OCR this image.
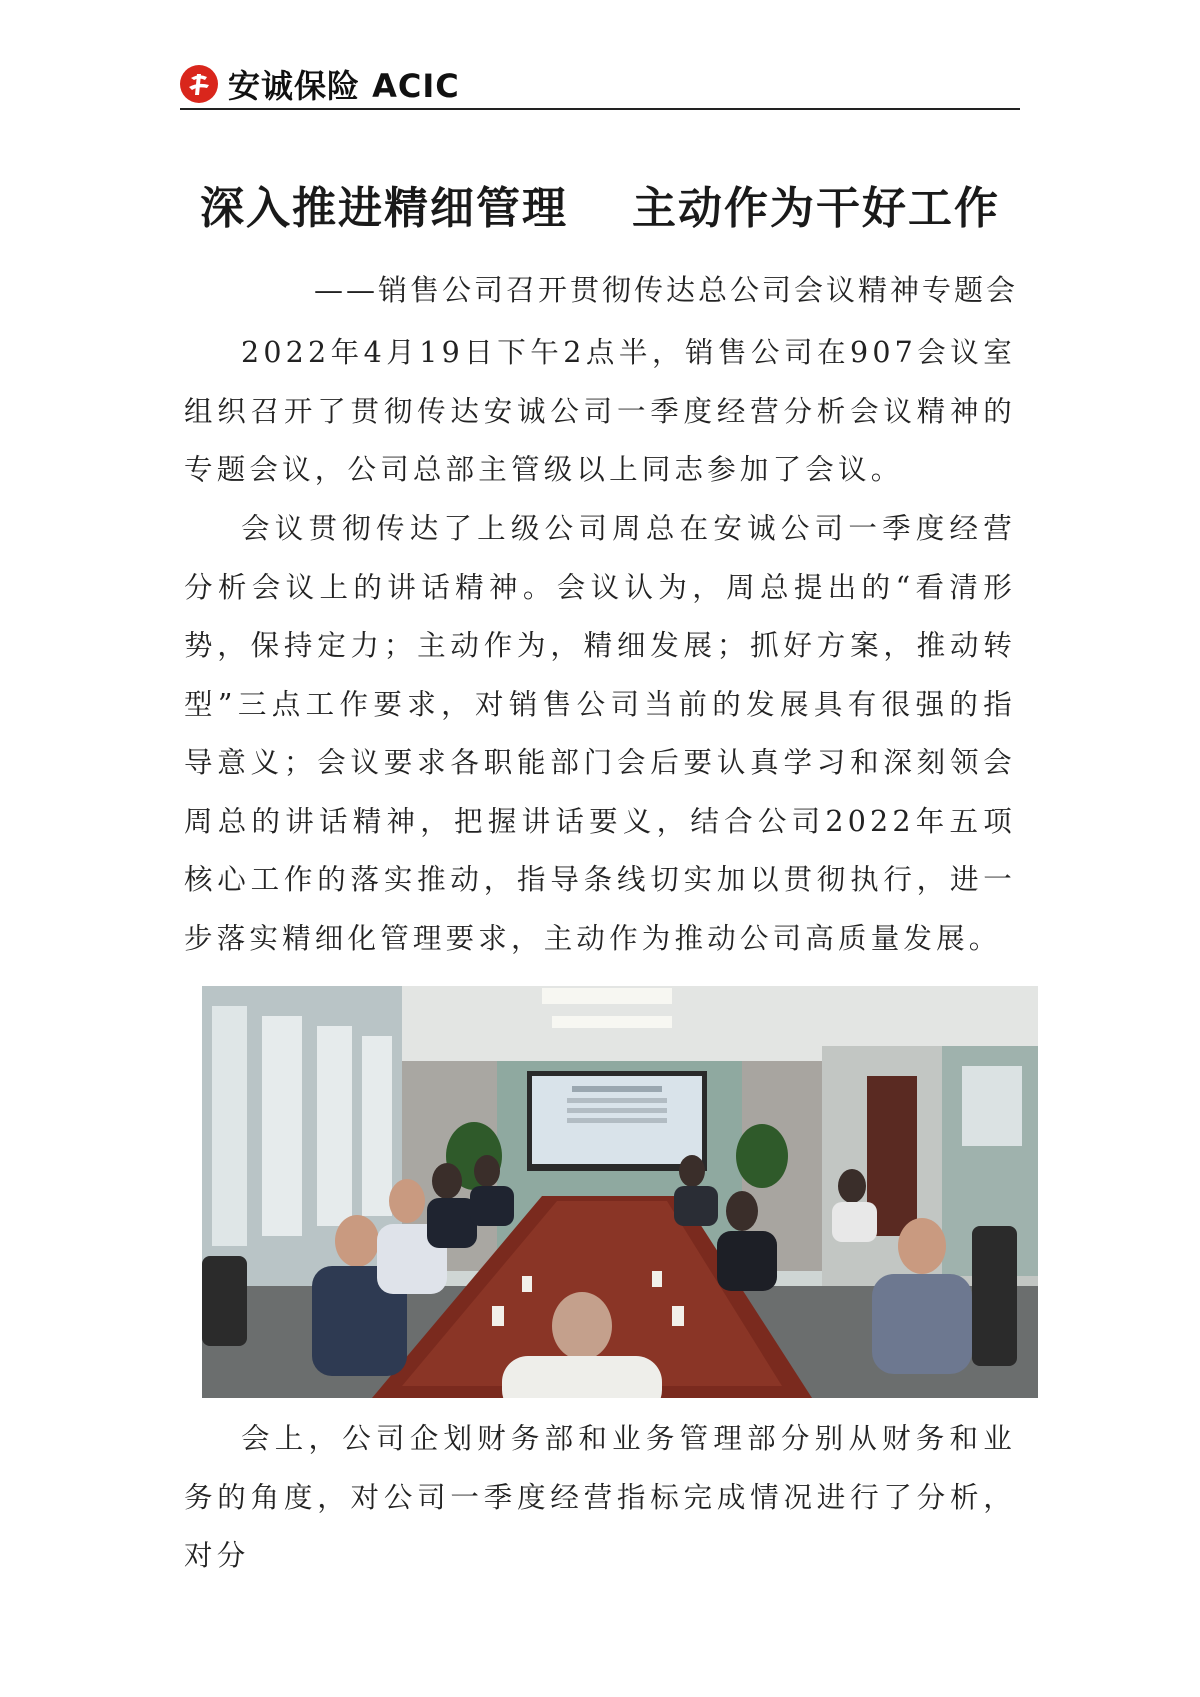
安诚保险 ACIC
深入推进精细管理 主动作为干好工作
——销售公司召开贯彻传达总公司会议精神专题会

2022年4月19日下午2点半，销售公司在907会议室组织召开了贯彻传达安诚公司一季度经营分析会议精神的专题会议，公司总部主管级以上同志参加了会议。

会议贯彻传达了上级公司周总在安诚公司一季度经营分析会议上的讲话精神。会议认为，周总提出的“看清形势，保持定力；主动作为，精细发展；抓好方案，推动转型”三点工作要求，对销售公司当前的发展具有很强的指导意义；会议要求各职能部门会后要认真学习和深刻领会周总的讲话精神，把握讲话要义，结合公司2022年五项核心工作的落实推动，指导条线切实加以贯彻执行，进一步落实精细化管理要求，主动作为推动公司高质量发展。

会上，公司企划财务部和业务管理部分别从财务和业务的角度，对公司一季度经营指标完成情况进行了分析，对分
